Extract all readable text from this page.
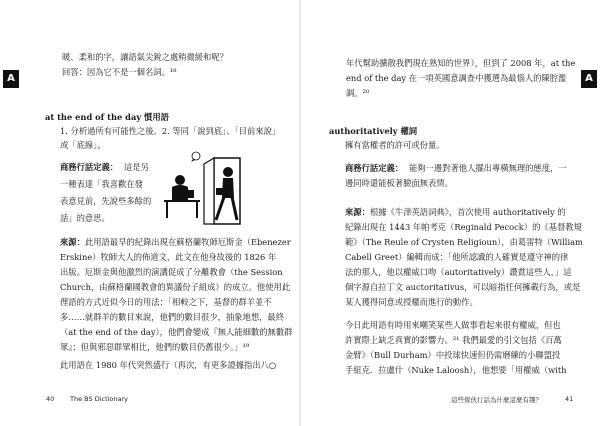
A

暖、柔和的字，讓語氣尖銳之處稍微緩和呢？

回答：因為它不是一個名詞。¹⁸

at the end of the day 慣用語

1. 分析過所有可能性之後。2. 等同「說到底」、「目前來說」

或「底線」。

商務行話定義： 這是另

一種表達「我喜歡在發

表意見前，先說些多餘的

話」的意思。

來源： 此用語最早的紀錄出現在蘇格蘭牧師厄斯金（Ebenezer

Erskine）牧師大人的佈道文，此文在他身故後的 1826 年

出版。厄斯金與他激烈的演講促成了分離教會（the Session

Church，由蘇格蘭國教會的異議份子組成）的成立。他使用此

俚語的方式近似今日的用法：「相較之下，基督的群羊並不

多……就群羊的數目來說，他們的數目很少，抽象地想，最終

（at the end of the day），他們會變成『無人能細數的無數群

眾』；但與邪惡群眾相比，他們的數目仍舊很少。」¹⁹

此用語在 1980 年代突然盛行（再次，有更多證據指出八○

40 The BS Dictionary
A

年代幫助擴散我們現在熟知的世界），但到了 2008 年，at the

end of the day 在一項英國意調查中獲選為最惱人的陳腔濫

調。²⁰

authoritatively 權詞

擁有當權者的許可或份量。

商務行話定義： 能夠一邊對著他人擺出專橫無理的態度，一

邊同時還能板著臉面無表情。

來源： 根據《牛津英語詞典》，首次使用 authoritatively 的

紀錄出現在 1443 年帕考克（Reginald Pecock）的《基督教規

範》（The Reule of Crysten Religioun），由葛雷特（William

Cabell Greet）編輯而成：「他所認識的人確實是遵守神的律

法的那人，他以權威口吻（autoritatively）讚賞這些人，」這

個字源自拉丁文 auctoritativus，可以暗指任何擁載行為，或是

某人獲得同意或授權而進行的動作。

今日此用語有時用來嘲笑某些人做事看起來很有權威，但也

許實際上缺乏真實的影響力。²¹ 我們最愛的引文包括《百萬

金臂》（Bull Durham）中投球快速但仍需磨練的小聯盟投

手紐克．拉盧什（Nuke Laloosh），他想要「用權威（with

這些傢伙行話為什麼這麼有趣？	41
